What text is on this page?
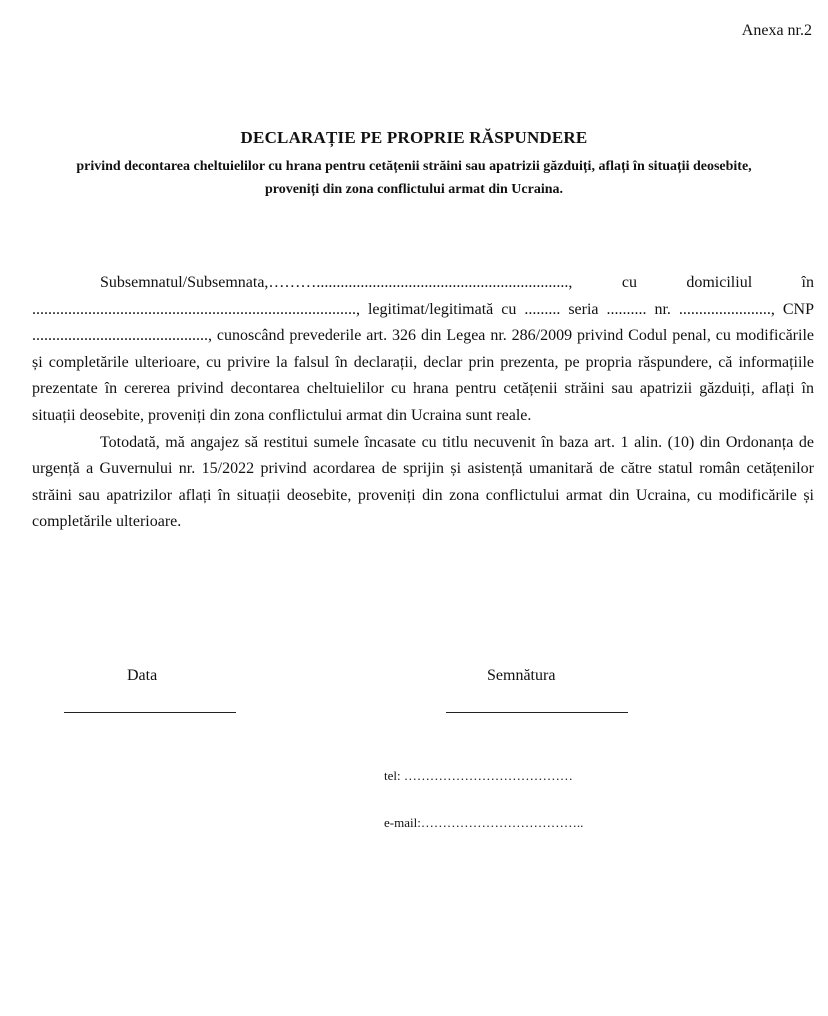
Anexa nr.2
DECLARAȚIE PE PROPRIE RĂSPUNDERE
privind decontarea cheltuielilor cu hrana pentru cetățenii străini sau apatrizii găzduiți, aflați în situații deosebite, proveniți din zona conflictului armat din Ucraina.

Subsemnatul/Subsemnata,………..............................................................., cu domiciliul în ................................................................................., legitimat/legitimată cu ......... seria .......... nr. ......................., CNP ............................................, cunoscând prevederile art. 326 din Legea nr. 286/2009 privind Codul penal, cu modificările și completările ulterioare, cu privire la falsul în declarații, declar prin prezenta, pe propria răspundere, că informațiile prezentate în cererea privind decontarea cheltuielilor cu hrana pentru cetățenii străini sau apatrizii găzduiți, aflați în situații deosebite, proveniți din zona conflictului armat din Ucraina sunt reale.

Totodată, mă angajez să restitui sumele încasate cu titlu necuvenit în baza art. 1 alin. (10) din Ordonanța de urgență a Guvernului nr. 15/2022 privind acordarea de sprijin și asistență umanitară de către statul român cetățenilor străini sau apatrizilor aflați în situații deosebite, proveniți din zona conflictului armat din Ucraina, cu modificările și completările ulterioare.

Data	Semnătura
tel: …………………………………
e-mail:………………………………..
